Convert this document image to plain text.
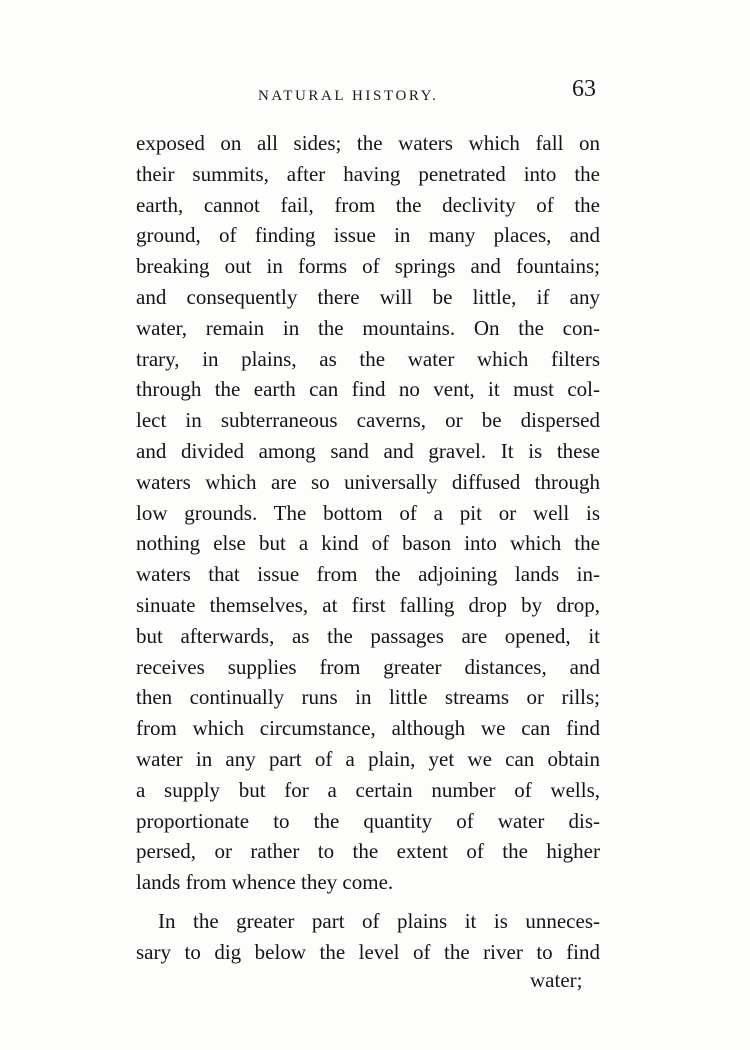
NATURAL HISTORY.	63
exposed on all sides; the waters which fall on
their summits, after having penetrated into the
earth, cannot fail, from the declivity of the
ground, of finding issue in many places, and
breaking out in forms of springs and fountains;
and consequently there will be little, if any
water, remain in the mountains. On the con-
trary, in plains, as the water which filters
through the earth can find no vent, it must col-
lect in subterraneous caverns, or be dispersed
and divided among sand and gravel. It is these
waters which are so universally diffused through
low grounds. The bottom of a pit or well is
nothing else but a kind of bason into which the
waters that issue from the adjoining lands in-
sinuate themselves, at first falling drop by drop,
but afterwards, as the passages are opened, it
receives supplies from greater distances, and
then continually runs in little streams or rills;
from which circumstance, although we can find
water in any part of a plain, yet we can obtain
a supply but for a certain number of wells,
proportionate to the quantity of water dis-
persed, or rather to the extent of the higher
lands from whence they come.
In the greater part of plains it is unneces-
sary to dig below the level of the river to find
water;
